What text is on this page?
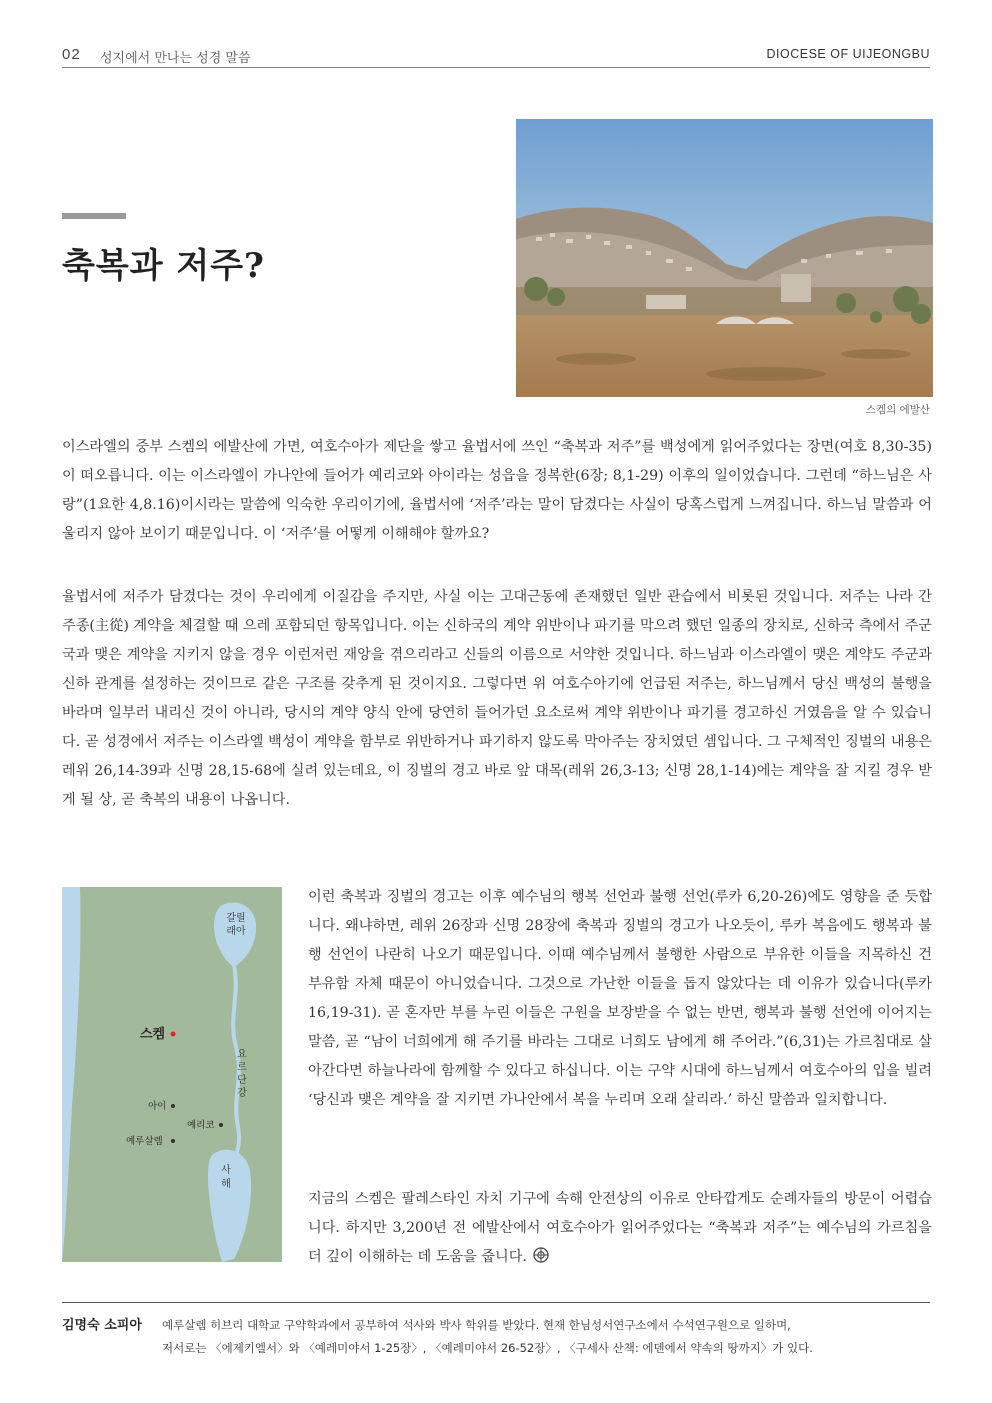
02 성지에서 만나는 성경 말씀	DIOCESE OF UIJEONGBU
축복과 저주?
스켐의 에발산

이스라엘의 중부 스켐의 에발산에 가면, 여호수아가 제단을 쌓고 율법서에 쓰인 “축복과 저주”를 백성에게 읽어주었다는 장면(여호 8,30-35)이 떠오릅니다. 이는 이스라엘이 가나안에 들어가 예리코와 아이라는 성읍을 정복한(6장; 8,1-29) 이후의 일이었습니다. 그런데 “하느님은 사랑”(1요한 4,8.16)이시라는 말씀에 익숙한 우리이기에, 율법서에 ‘저주’라는 말이 담겼다는 사실이 당혹스럽게 느껴집니다. 하느님 말씀과 어울리지 않아 보이기 때문입니다. 이 ‘저주’를 어떻게 이해해야 할까요?

율법서에 저주가 담겼다는 것이 우리에게 이질감을 주지만, 사실 이는 고대근동에 존재했던 일반 관습에서 비롯된 것입니다. 저주는 나라 간 주종(主從) 계약을 체결할 때 으레 포함되던 항목입니다. 이는 신하국의 계약 위반이나 파기를 막으려 했던 일종의 장치로, 신하국 측에서 주군국과 맺은 계약을 지키지 않을 경우 이런저런 재앙을 겪으리라고 신들의 이름으로 서약한 것입니다. 하느님과 이스라엘이 맺은 계약도 주군과 신하 관계를 설정하는 것이므로 같은 구조를 갖추게 된 것이지요. 그렇다면 위 여호수아기에 언급된 저주는, 하느님께서 당신 백성의 불행을 바라며 일부러 내리신 것이 아니라, 당시의 계약 양식 안에 당연히 들어가던 요소로써 계약 위반이나 파기를 경고하신 거였음을 알 수 있습니다. 곧 성경에서 저주는 이스라엘 백성이 계약을 함부로 위반하거나 파기하지 않도록 막아주는 장치였던 셈입니다. 그 구체적인 징벌의 내용은 레위 26,14-39과 신명 28,15-68에 실려 있는데요, 이 징벌의 경고 바로 앞 대목(레위 26,3-13; 신명 28,1-14)에는 계약을 잘 지킬 경우 받게 될 상, 곧 축복의 내용이 나옵니다.

이런 축복과 징벌의 경고는 이후 예수님의 행복 선언과 불행 선언(루카 6,20-26)에도 영향을 준 듯합니다. 왜냐하면, 레위 26장과 신명 28장에 축복과 징벌의 경고가 나오듯이, 루카 복음에도 행복과 불행 선언이 나란히 나오기 때문입니다. 이때 예수님께서 불행한 사람으로 부유한 이들을 지목하신 건 부유함 자체 때문이 아니었습니다. 그것으로 가난한 이들을 돕지 않았다는 데 이유가 있습니다(루카 16,19-31). 곧 혼자만 부를 누린 이들은 구원을 보장받을 수 없는 반면, 행복과 불행 선언에 이어지는 말씀, 곧 “남이 너희에게 해 주기를 바라는 그대로 너희도 남에게 해 주어라.”(6,31)는 가르침대로 살아간다면 하늘나라에 함께할 수 있다고 하십니다. 이는 구약 시대에 하느님께서 여호수아의 입을 빌려 ‘당신과 맺은 계약을 잘 지키면 가나안에서 복을 누리며 오래 살리라.’ 하신 말씀과 일치합니다.

지금의 스켐은 팔레스타인 자치 기구에 속해 안전상의 이유로 안타깝게도 순례자들의 방문이 어렵습니다. 하지만 3,200년 전 에발산에서 여호수아가 읽어주었다는 “축복과 저주”는 예수님의 가르침을 더 깊이 이해하는 데 도움을 줍니다.

갈릴
래아
스켐
요
르
단
강
아이
예리코
예루살렘
사
해
김명숙 소피아 예루살렘 히브리 대학교 구약학과에서 공부하여 석사와 박사 학위를 받았다. 현재 한님성서연구소에서 수석연구원으로 일하며,
저서로는 〈에제키엘서〉와 〈예레미야서 1-25장〉, 〈예레미야서 26-52장〉, 〈구세사 산책: 에덴에서 약속의 땅까지〉가 있다.
